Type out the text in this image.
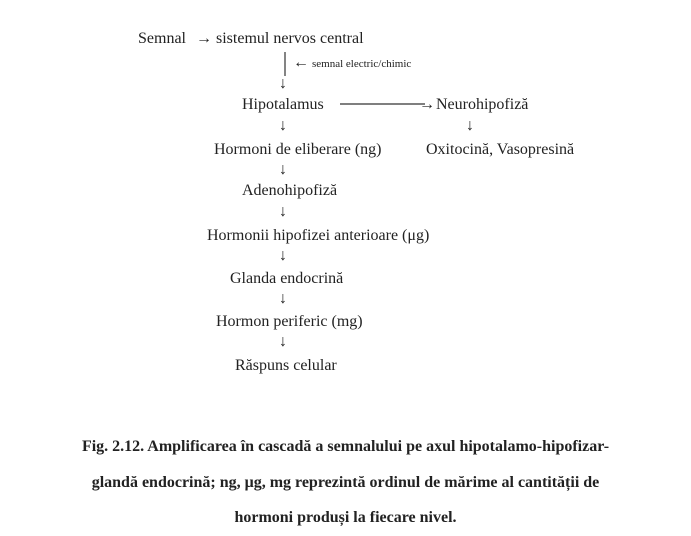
Semnal → sistemul nervos central
← semnal electric/chimic
↓
Hipotalamus	→ Neurohipofiză
↓	↓
Hormoni de eliberare (ng)	Oxitocină, Vasopresină
↓
Adenohipofiză
↓
Hormonii hipofizei anterioare (μg)
↓
Glanda endocrină
↓
Hormon periferic (mg)
↓
Răspuns celular
Fig. 2.12. Amplificarea în cascadă a semnalului pe axul hipotalamo-hipofizar-
glandă endocrină; ng, μg, mg reprezintă ordinul de mărime al cantității de
hormoni produși la fiecare nivel.
